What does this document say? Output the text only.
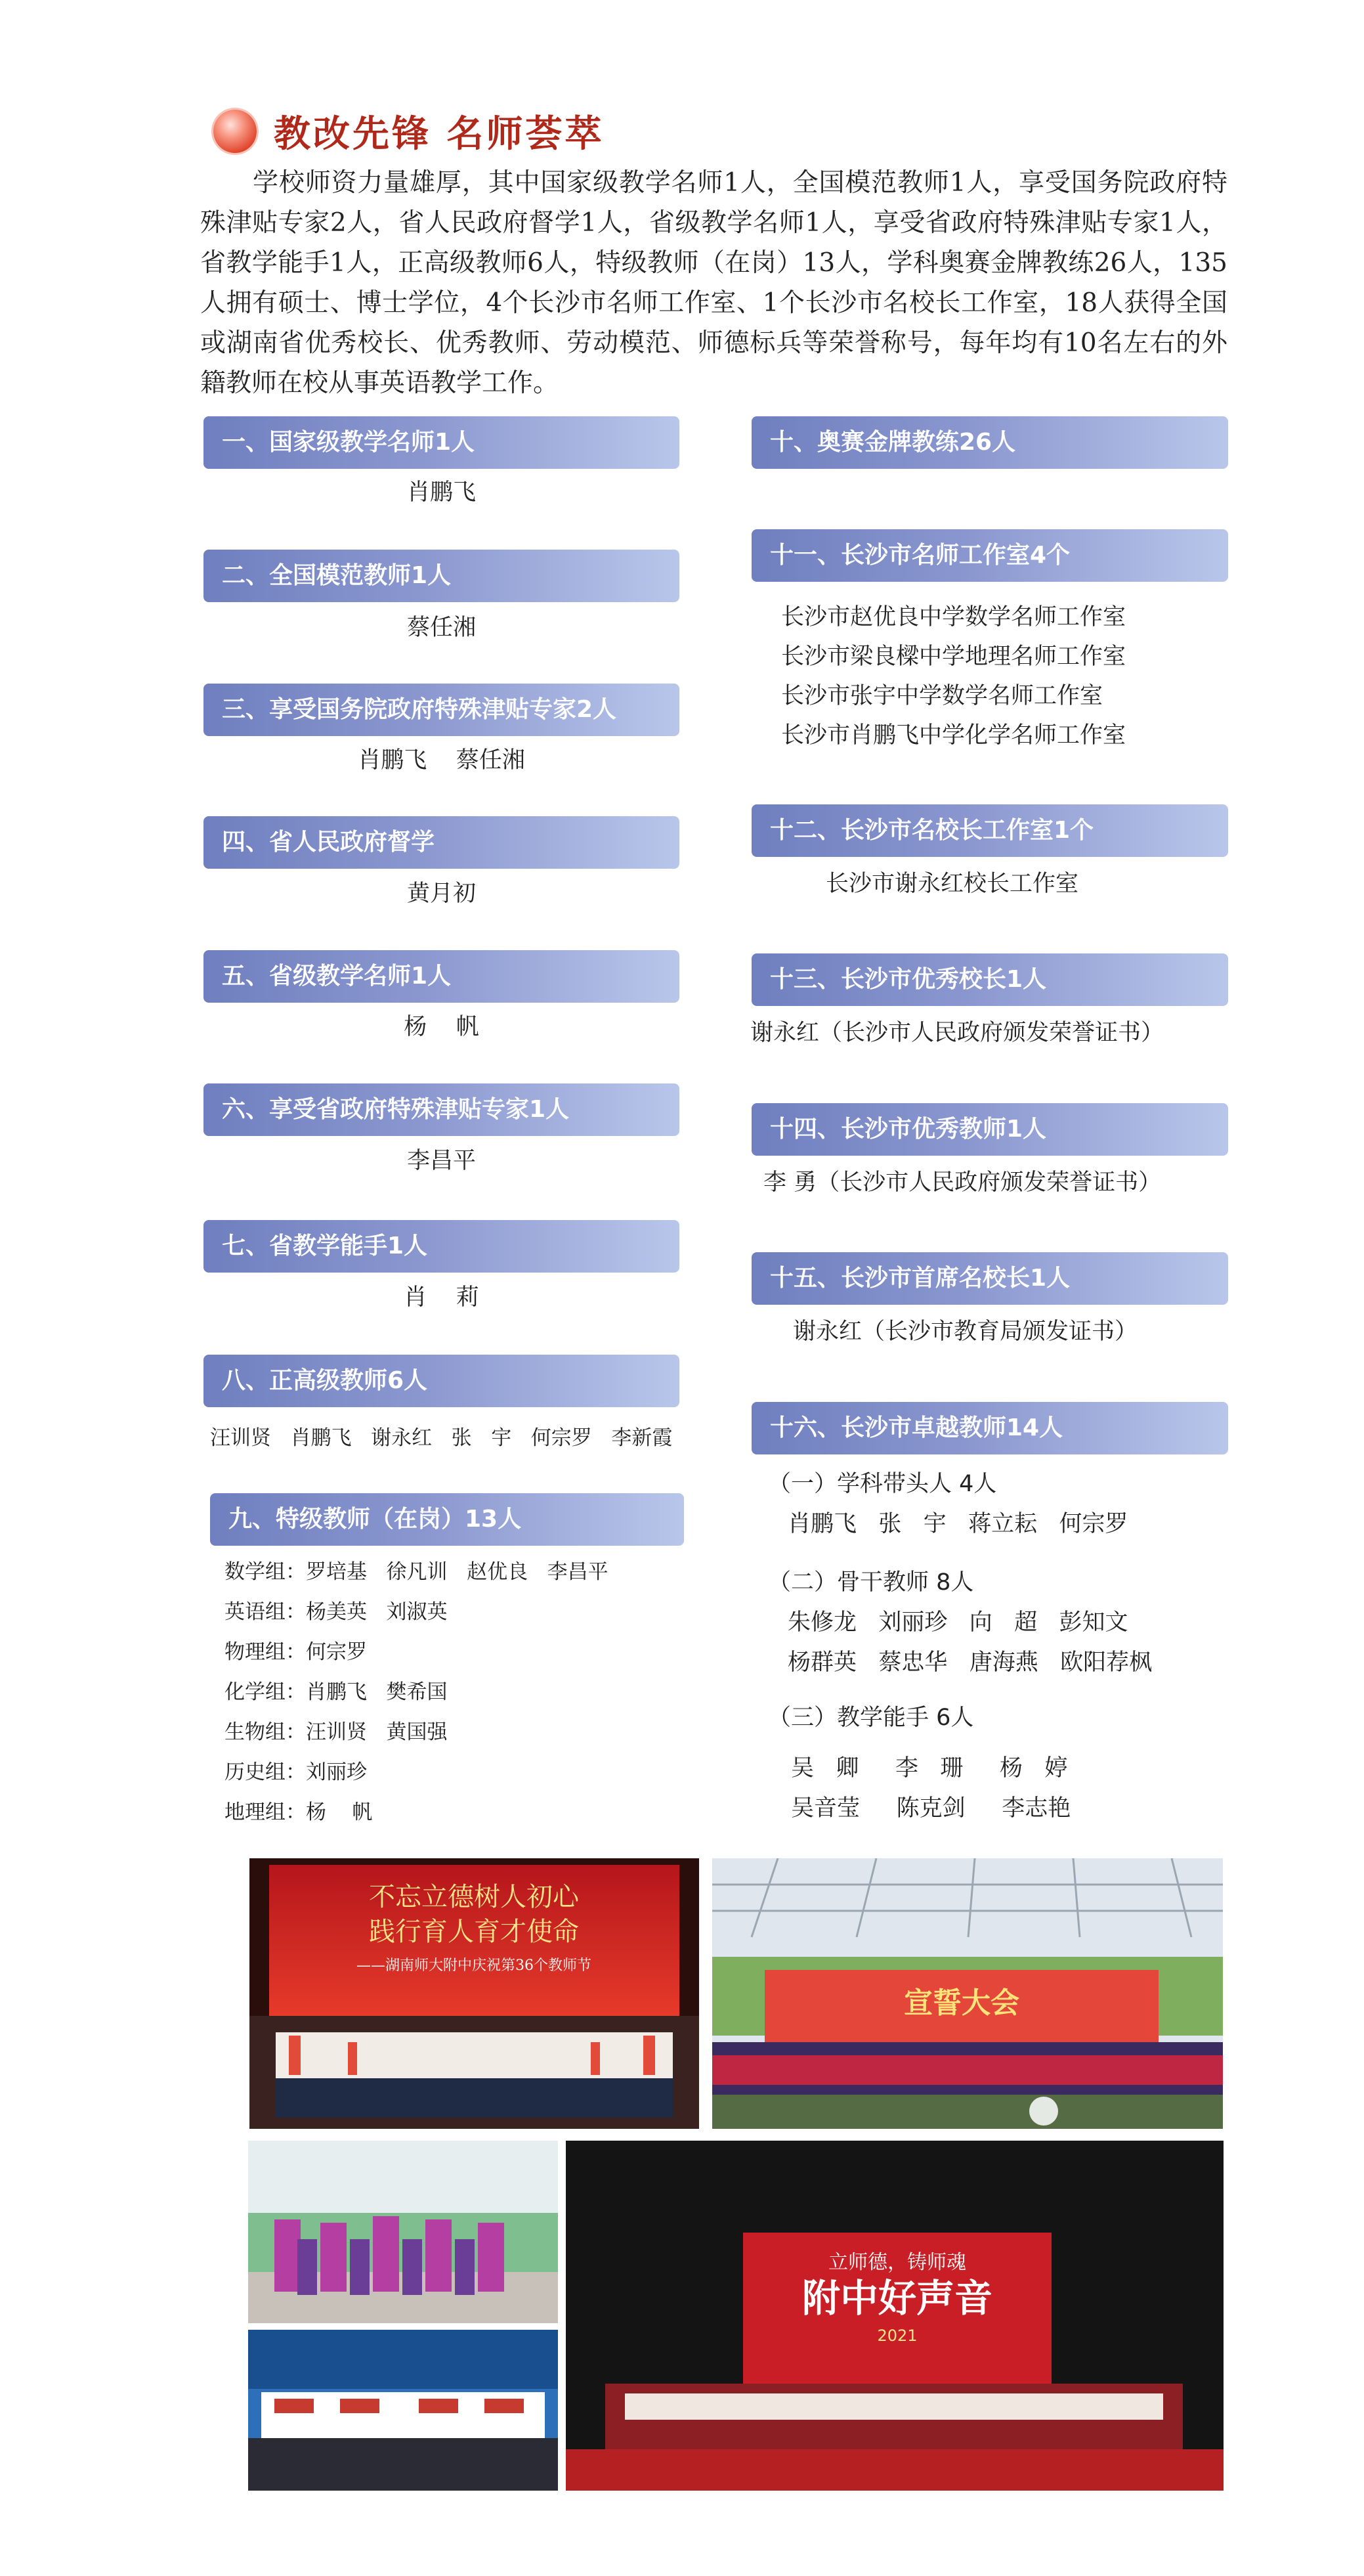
教改先锋 名师荟萃
学校师资力量雄厚，其中国家级教学名师1人，全国模范教师1人，享受国务院政府特殊津贴专家2人，省人民政府督学1人，省级教学名师1人，享受省政府特殊津贴专家1人，省教学能手1人，正高级教师6人，特级教师（在岗）13人，学科奥赛金牌教练26人，135人拥有硕士、博士学位，4个长沙市名师工作室、1个长沙市名校长工作室，18人获得全国或湖南省优秀校长、优秀教师、劳动模范、师德标兵等荣誉称号，每年均有10名左右的外籍教师在校从事英语教学工作。
一、国家级教学名师1人
肖鹏飞
二、全国模范教师1人
蔡任湘
三、享受国务院政府特殊津贴专家2人
肖鹏飞    蔡任湘
四、省人民政府督学
黄月初
五、省级教学名师1人
杨    帆
六、享受省政府特殊津贴专家1人
李昌平
七、省教学能手1人
肖    莉
八、正高级教师6人
汪训贤   肖鹏飞   谢永红   张   宇   何宗罗   李新霞
九、特级教师（在岗）13人
数学组：罗培基   徐凡训   赵优良   李昌平
英语组：杨美英   刘淑英
物理组：何宗罗
化学组：肖鹏飞   樊希国
生物组：汪训贤   黄国强
历史组：刘丽珍
地理组：杨    帆
十、奥赛金牌教练26人
十一、长沙市名师工作室4个
长沙市赵优良中学数学名师工作室
长沙市梁良樑中学地理名师工作室
长沙市张宇中学数学名师工作室
长沙市肖鹏飞中学化学名师工作室
十二、长沙市名校长工作室1个
长沙市谢永红校长工作室
十三、长沙市优秀校长1人
谢永红（长沙市人民政府颁发荣誉证书）
十四、长沙市优秀教师1人
李 勇（长沙市人民政府颁发荣誉证书）
十五、长沙市首席名校长1人
谢永红（长沙市教育局颁发证书）
十六、长沙市卓越教师14人
（一）学科带头人 4人
肖鹏飞   张   宇   蒋立耘   何宗罗
（二）骨干教师 8人
朱修龙   刘丽珍   向   超   彭知文
杨群英   蔡忠华   唐海燕   欧阳荐枫
（三）教学能手 6人
吴   卿     李   珊     杨   婷
吴音莹     陈克剑     李志艳
不忘立德树人初心
践行育人育才使命
——湖南师大附中庆祝第36个教师节
宣誓大会
立师德，铸师魂
附中好声音
2021
